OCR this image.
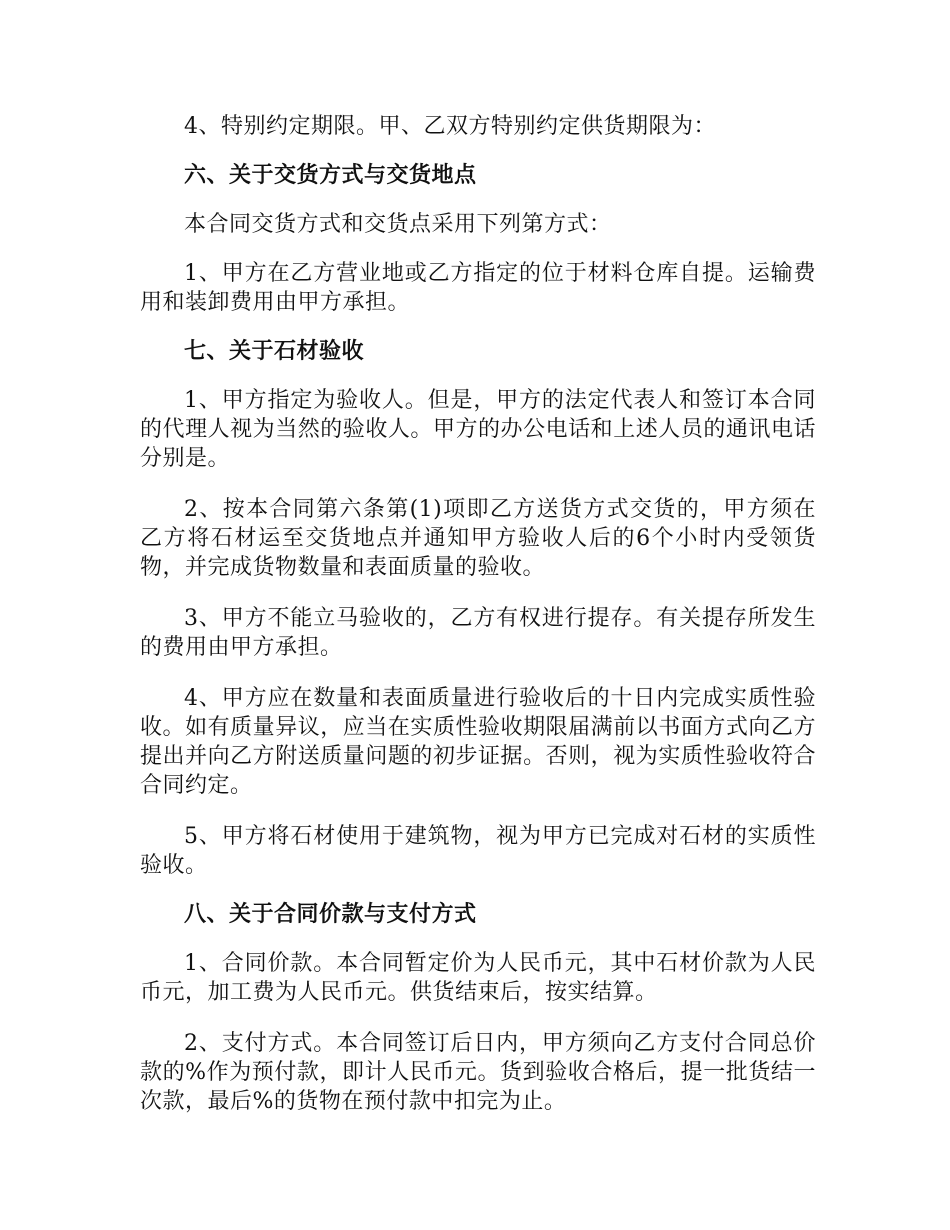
4、特别约定期限。甲、乙双方特别约定供货期限为：

六、关于交货方式与交货地点

本合同交货方式和交货点采用下列第方式：

1、甲方在乙方营业地或乙方指定的位于材料仓库自提。运输费用和装卸费用由甲方承担。

七、关于石材验收

1、甲方指定为验收人。但是，甲方的法定代表人和签订本合同的代理人视为当然的验收人。甲方的办公电话和上述人员的通讯电话分别是。

2、按本合同第六条第(1)项即乙方送货方式交货的，甲方须在乙方将石材运至交货地点并通知甲方验收人后的6个小时内受领货物，并完成货物数量和表面质量的验收。

3、甲方不能立马验收的，乙方有权进行提存。有关提存所发生的费用由甲方承担。

4、甲方应在数量和表面质量进行验收后的十日内完成实质性验收。如有质量异议，应当在实质性验收期限届满前以书面方式向乙方提出并向乙方附送质量问题的初步证据。否则，视为实质性验收符合合同约定。

5、甲方将石材使用于建筑物，视为甲方已完成对石材的实质性验收。

八、关于合同价款与支付方式

1、合同价款。本合同暂定价为人民币元，其中石材价款为人民币元，加工费为人民币元。供货结束后，按实结算。

2、支付方式。本合同签订后日内，甲方须向乙方支付合同总价款的%作为预付款，即计人民币元。货到验收合格后，提一批货结一次款，最后%的货物在预付款中扣完为止。
